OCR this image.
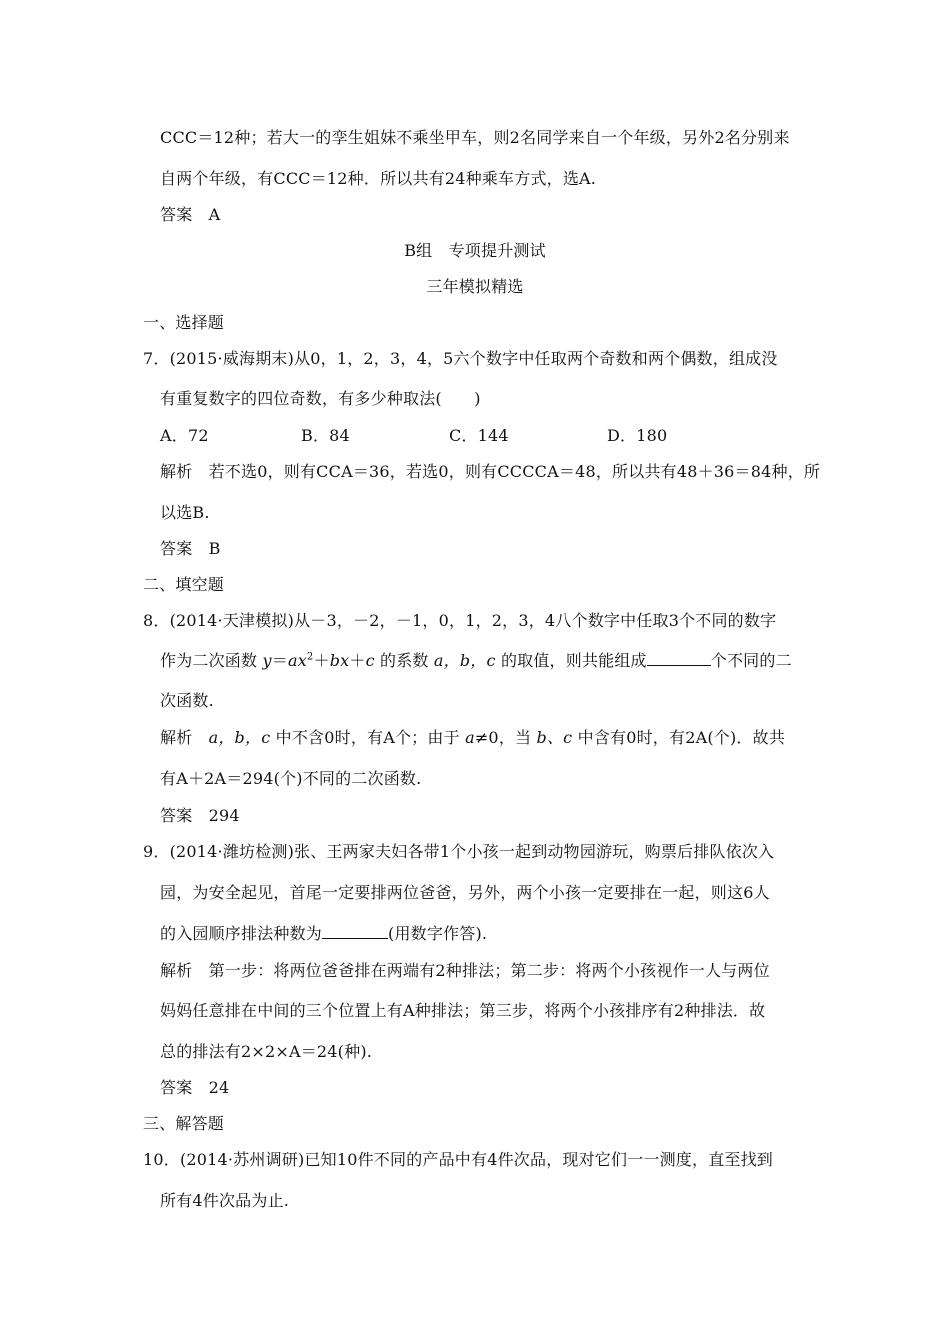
CCC＝12种；若大一的孪生姐妹不乘坐甲车，则2名同学来自一个年级，另外2名分别来
自两个年级，有CCC＝12种．所以共有24种乘车方式，选A.
答案　A
B组　专项提升测试
三年模拟精选
一、选择题
7．(2015·威海期末)从0，1，2，3，4，5六个数字中任取两个奇数和两个偶数，组成没
有重复数字的四位奇数，有多少种取法(　　)
A．72	B．84	C．144	D．180
解析　若不选0，则有CCA＝36，若选0，则有CCCCA＝48，所以共有48＋36＝84种，所
以选B.
答案　B
二、填空题
8．(2014·天津模拟)从－3，－2，－1，0，1，2，3，4八个数字中任取3个不同的数字
作为二次函数 $y=ax^2+bx+c$ 的系数 a，b，c 的取值，则共能组成	个不同的二
次函数.
解析　a，b，c 中不含0时，有A个；由于 a≠0，当 b、c 中含有0时，有2A(个)．故共
有A＋2A＝294(个)不同的二次函数.
答案　294
9．(2014·潍坊检测)张、王两家夫妇各带1个小孩一起到动物园游玩，购票后排队依次入
园，为安全起见，首尾一定要排两位爸爸，另外，两个小孩一定要排在一起，则这6人
的入园顺序排法种数为	(用数字作答).
解析　第一步：将两位爸爸排在两端有2种排法；第二步：将两个小孩视作一人与两位
妈妈任意排在中间的三个位置上有A种排法；第三步，将两个小孩排序有2种排法．故
总的排法有2×2×A＝24(种).
答案　24
三、解答题
10．(2014·苏州调研)已知10件不同的产品中有4件次品，现对它们一一测度，直至找到
所有4件次品为止.
